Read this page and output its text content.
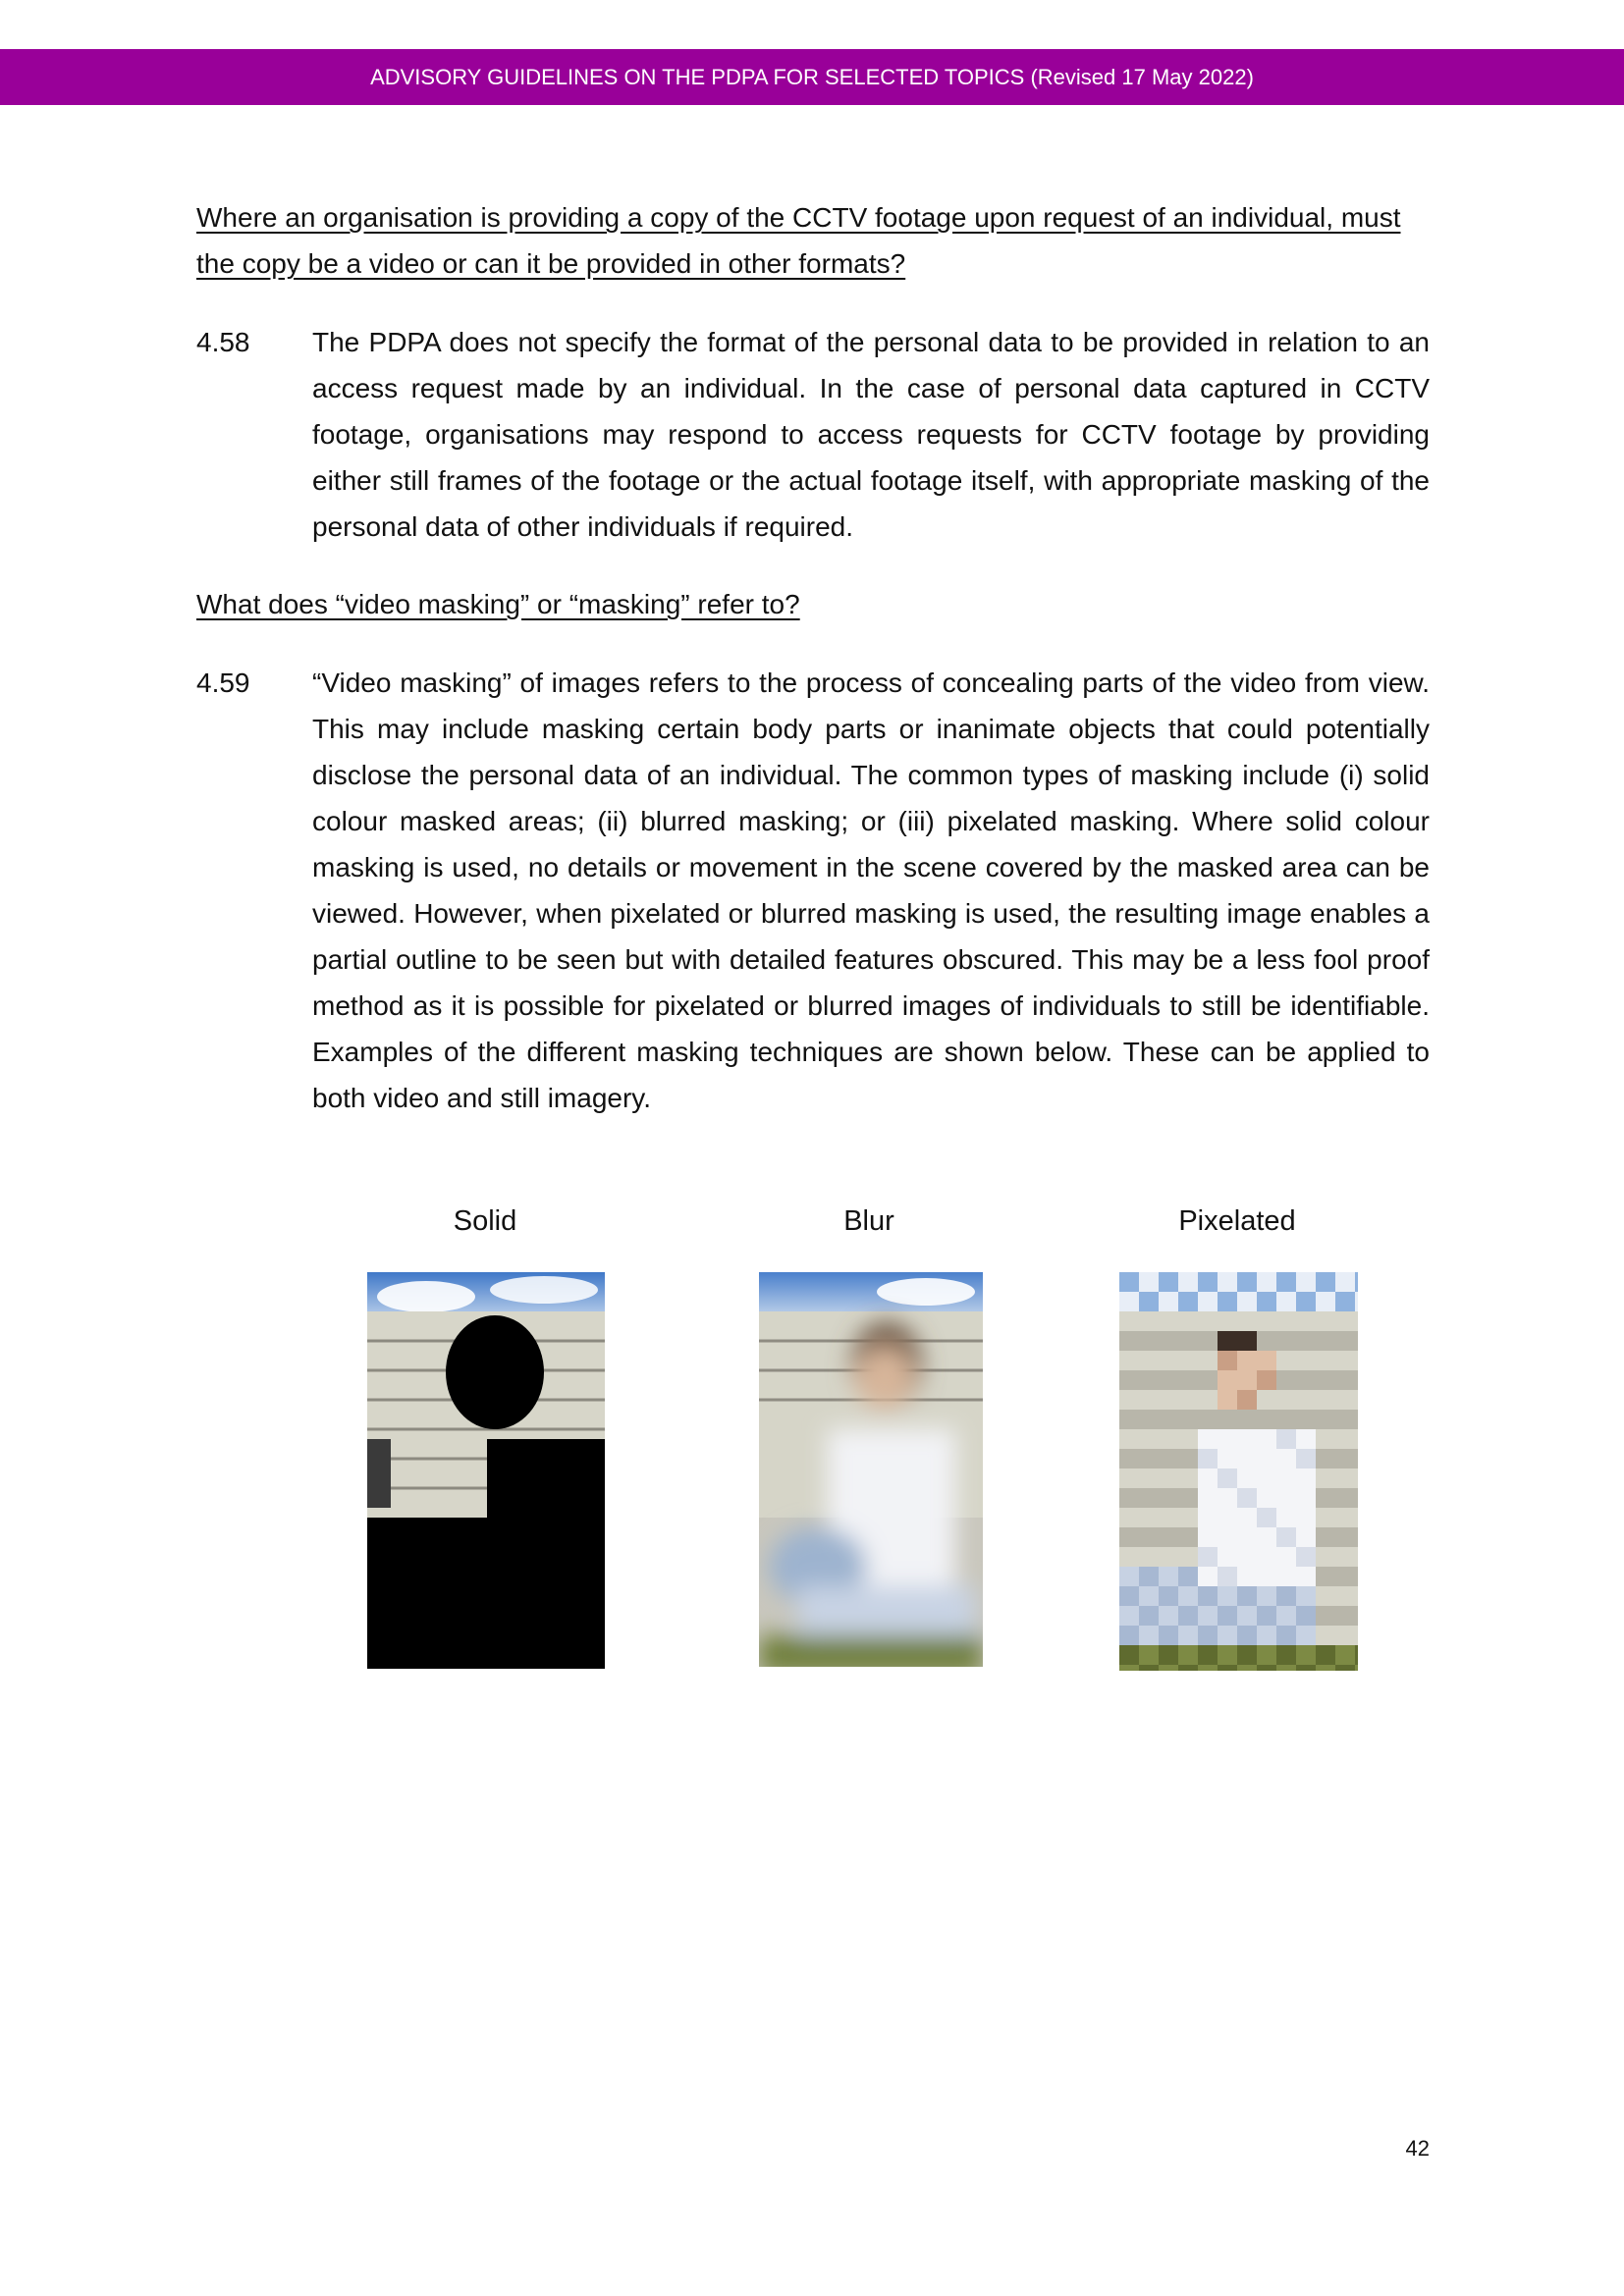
ADVISORY GUIDELINES ON THE PDPA FOR SELECTED TOPICS (Revised 17 May 2022)
Where an organisation is providing a copy of the CCTV footage upon request of an individual, must the copy be a video or can it be provided in other formats?
4.58 The PDPA does not specify the format of the personal data to be provided in relation to an access request made by an individual. In the case of personal data captured in CCTV footage, organisations may respond to access requests for CCTV footage by providing either still frames of the footage or the actual footage itself, with appropriate masking of the personal data of other individuals if required.
What does “video masking” or “masking” refer to?
4.59 “Video masking” of images refers to the process of concealing parts of the video from view. This may include masking certain body parts or inanimate objects that could potentially disclose the personal data of an individual. The common types of masking include (i) solid colour masked areas; (ii) blurred masking; or (iii) pixelated masking. Where solid colour masking is used, no details or movement in the scene covered by the masked area can be viewed. However, when pixelated or blurred masking is used, the resulting image enables a partial outline to be seen but with detailed features obscured. This may be a less fool proof method as it is possible for pixelated or blurred images of individuals to still be identifiable. Examples of the different masking techniques are shown below. These can be applied to both video and still imagery.
Solid	Blur	Pixelated
42
